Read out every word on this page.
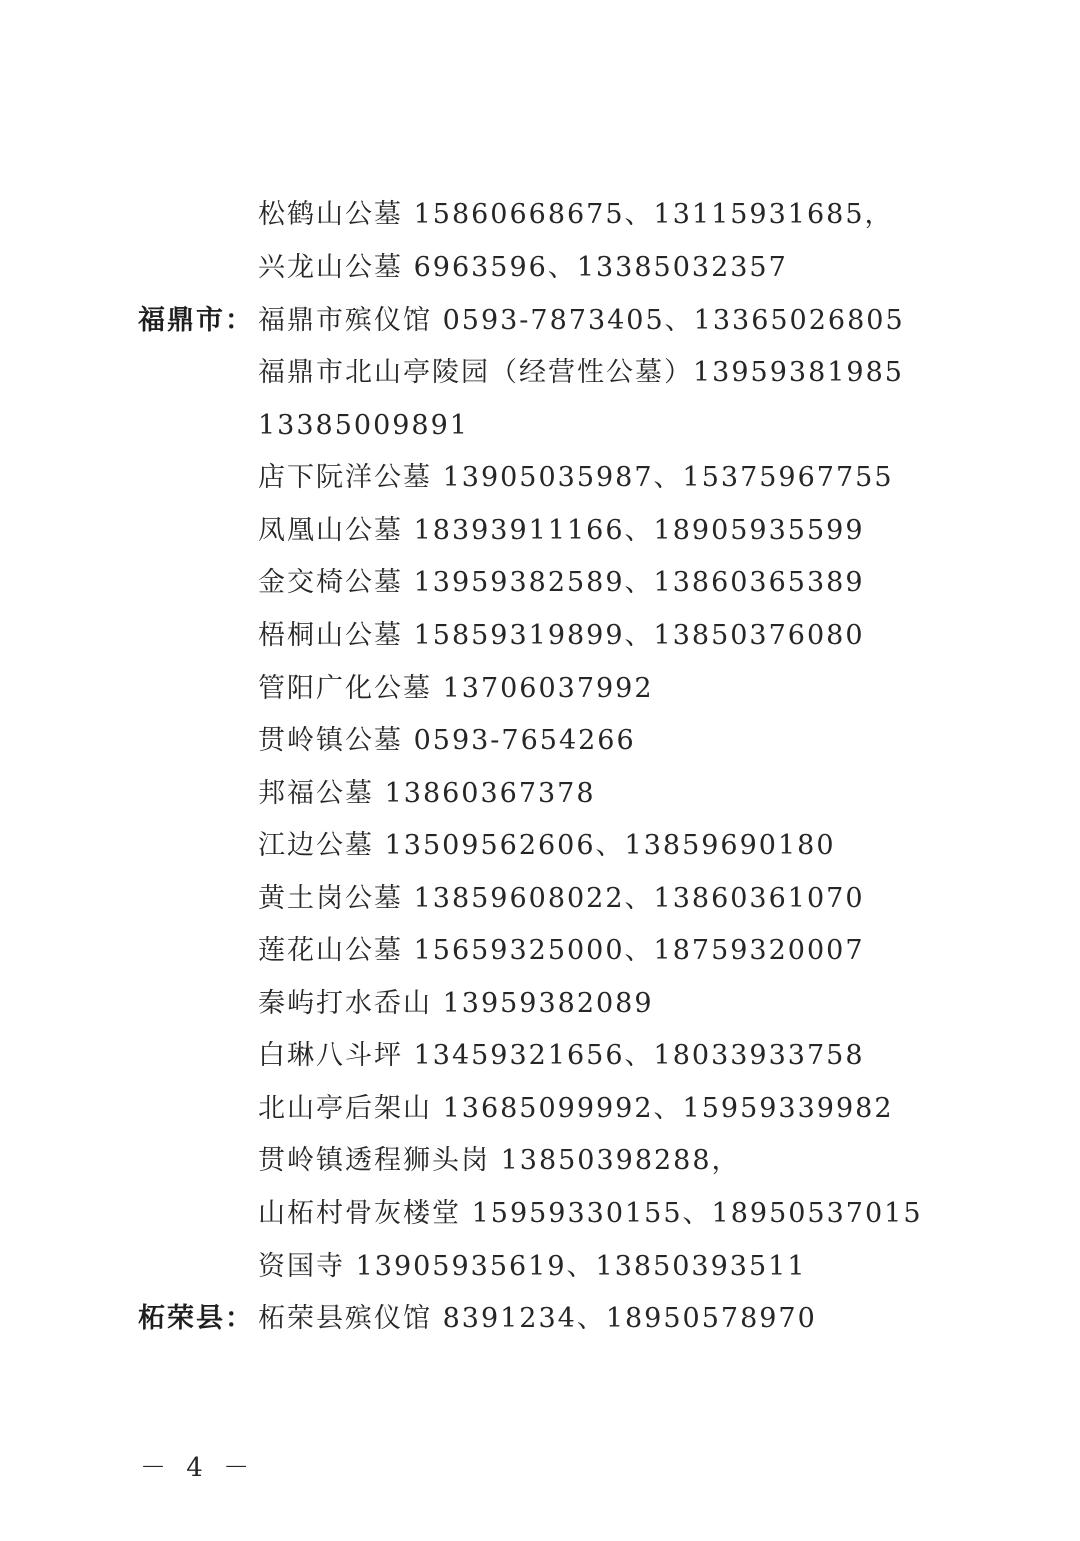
松鹤山公墓 15860668675、13115931685，
兴龙山公墓 6963596、13385032357
福鼎市： 福鼎市殡仪馆 0593-7873405、13365026805
福鼎市北山亭陵园（经营性公墓）13959381985
13385009891
店下阮洋公墓 13905035987、15375967755
凤凰山公墓 18393911166、18905935599
金交椅公墓 13959382589、13860365389
梧桐山公墓 15859319899、13850376080
管阳广化公墓 13706037992
贯岭镇公墓 0593-7654266
邦福公墓 13860367378
江边公墓 13509562606、13859690180
黄土岗公墓 13859608022、13860361070
莲花山公墓 15659325000、18759320007
秦屿打水岙山 13959382089
白琳八斗坪 13459321656、18033933758
北山亭后架山 13685099992、15959339982
贯岭镇透程狮头岗 13850398288，
山柘村骨灰楼堂 15959330155、18950537015
资国寺 13905935619、13850393511
柘荣县： 柘荣县殡仪馆 8391234、18950578970
－ 4 －
